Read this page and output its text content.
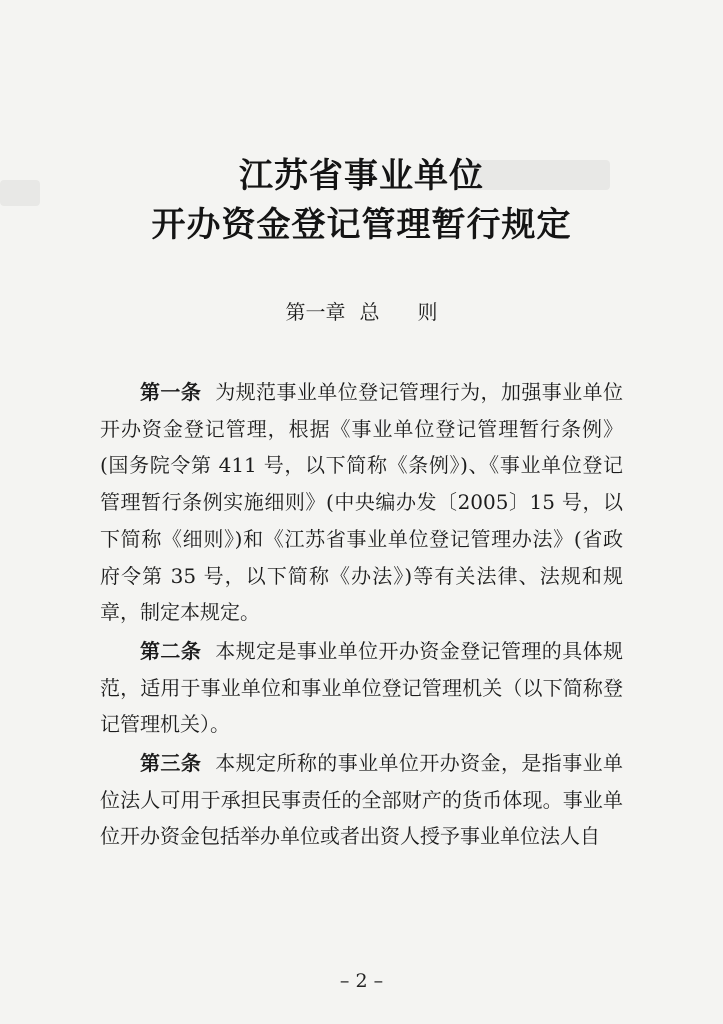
江苏省事业单位
开办资金登记管理暂行规定
第一章 总 则

第一条 为规范事业单位登记管理行为，加强事业单位开办资金登记管理，根据《事业单位登记管理暂行条例》(国务院令第 411 号，以下简称《条例》)、《事业单位登记管理暂行条例实施细则》(中央编办发〔2005〕15 号，以下简称《细则》)和《江苏省事业单位登记管理办法》(省政府令第 35 号，以下简称《办法》)等有关法律、法规和规章，制定本规定。

第二条 本规定是事业单位开办资金登记管理的具体规范，适用于事业单位和事业单位登记管理机关（以下简称登记管理机关）。

第三条 本规定所称的事业单位开办资金，是指事业单位法人可用于承担民事责任的全部财产的货币体现。事业单位开办资金包括举办单位或者出资人授予事业单位法人自

– 2 –
